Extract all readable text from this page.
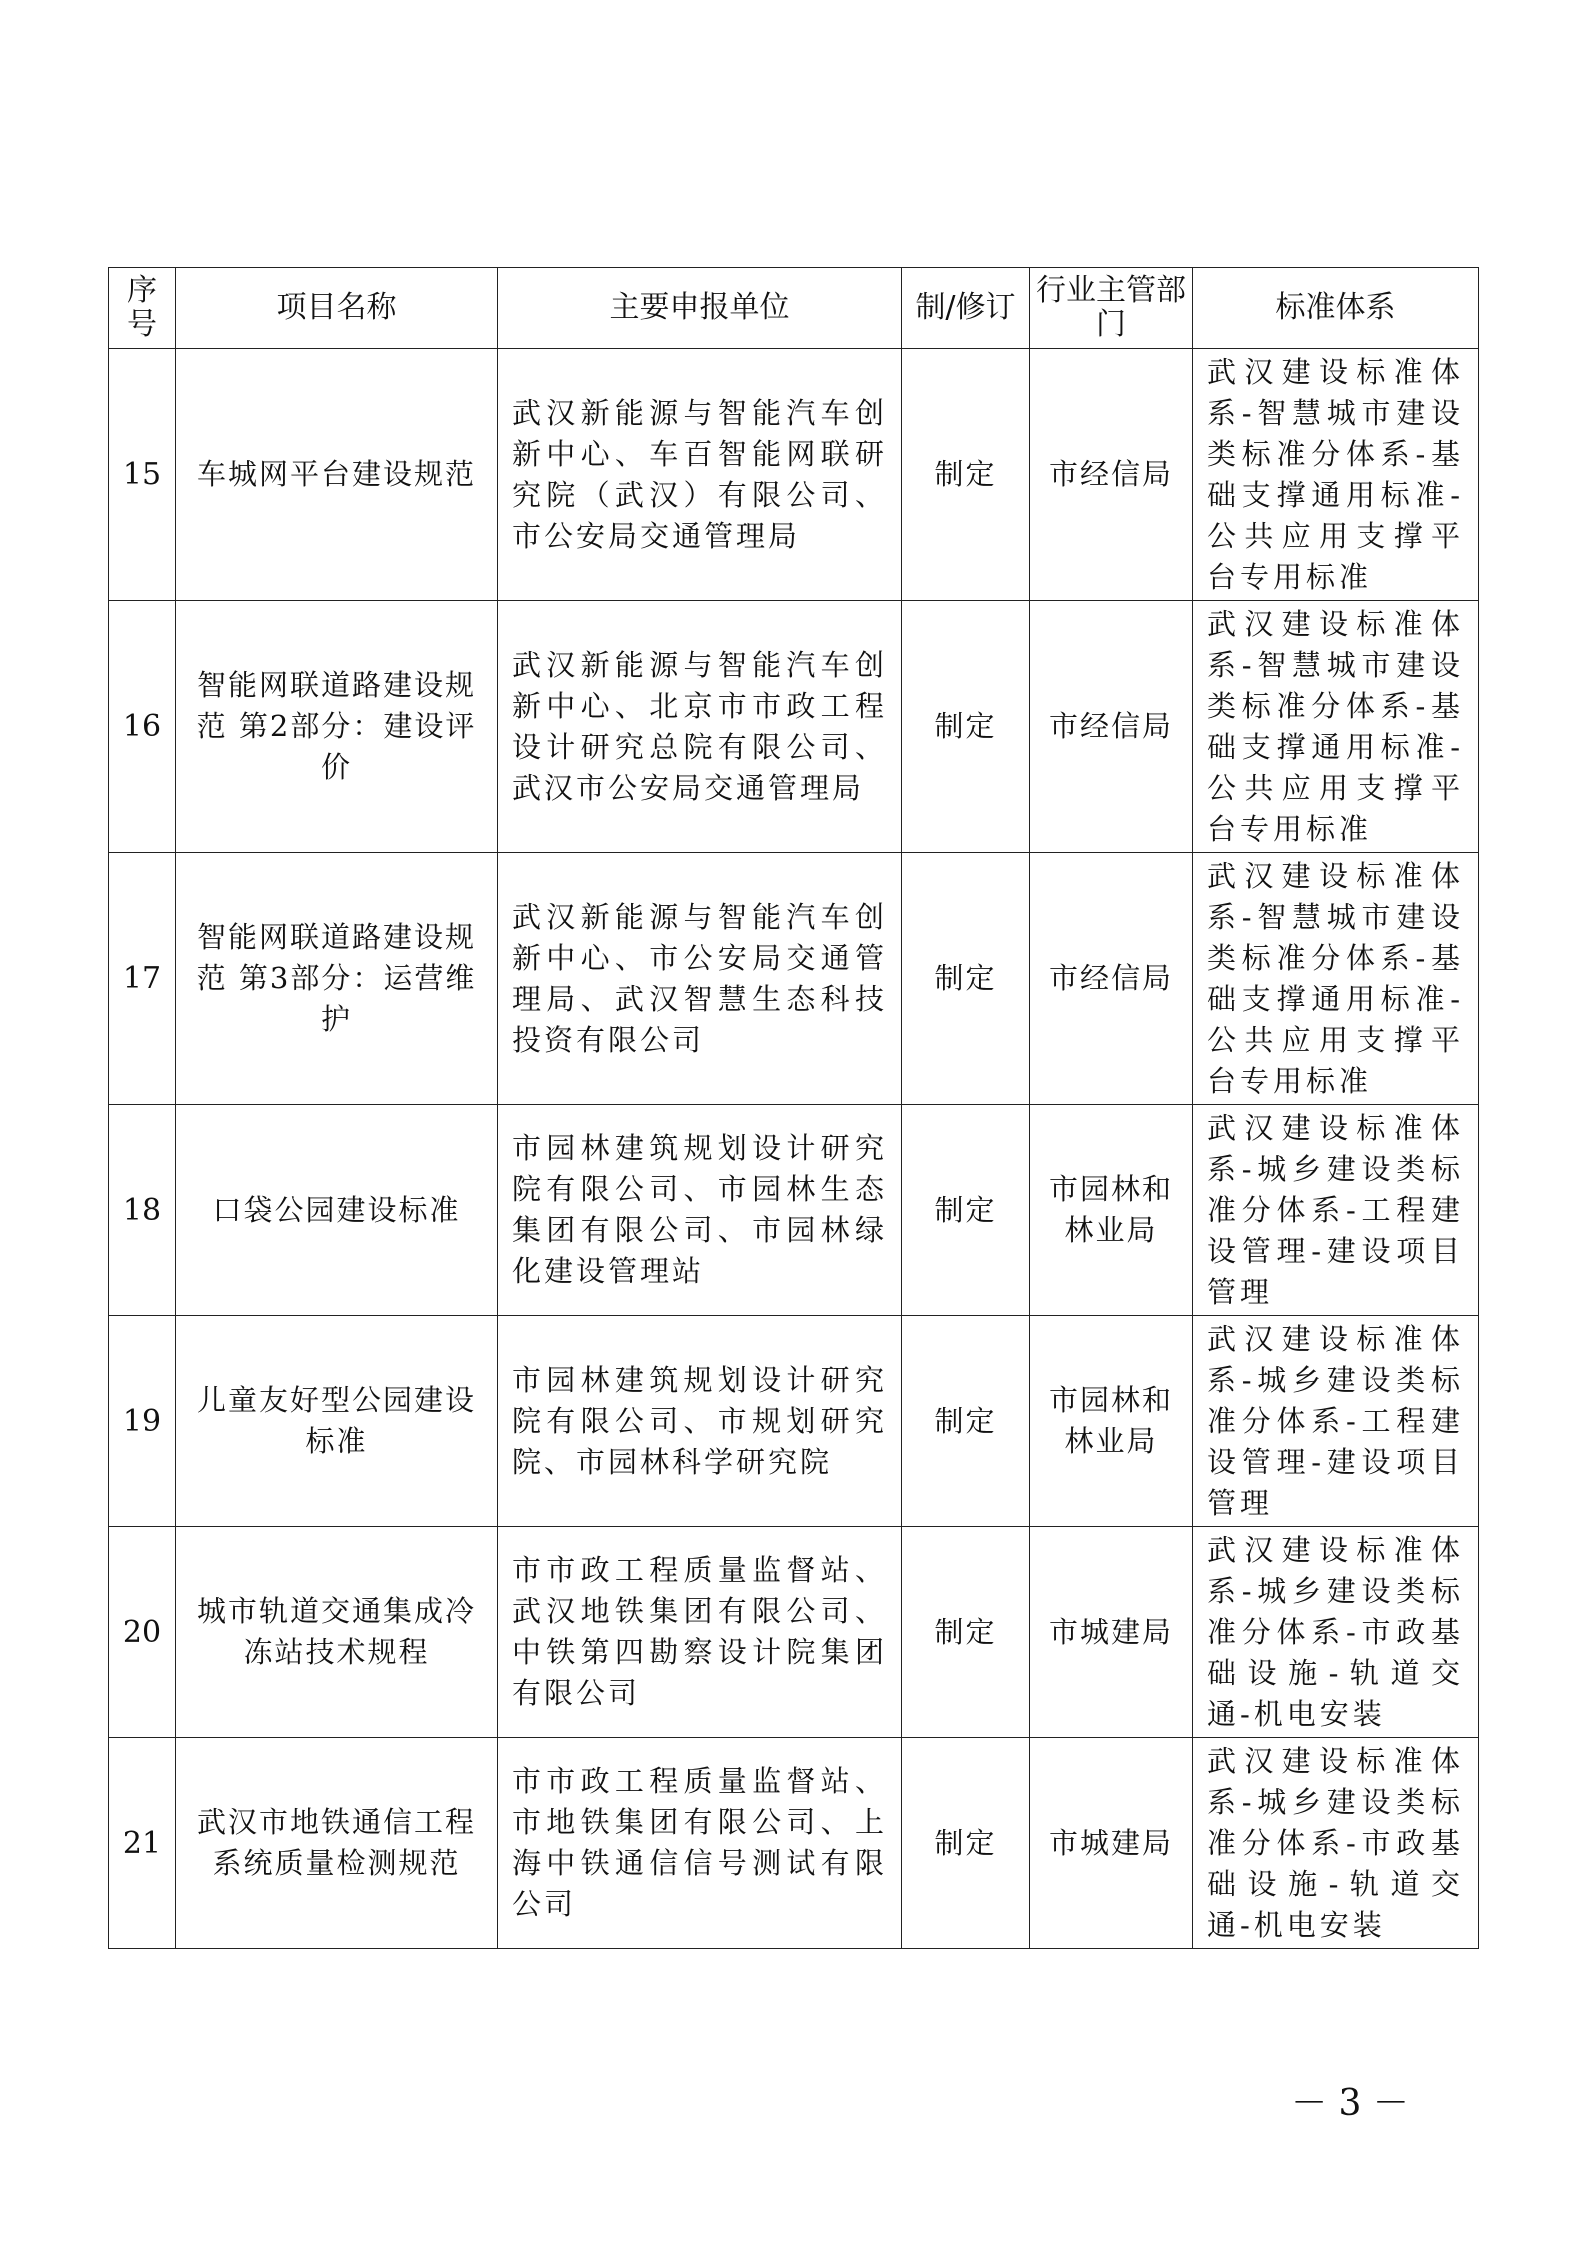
序号	项目名称	主要申报单位	制/修订	行业主管部门	标准体系
15	车城网平台建设规范	武汉新能源与智能汽车创新中心、车百智能网联研究院（武汉）有限公司、市公安局交通管理局	制定	市经信局	武汉建设标准体系-智慧城市建设类标准分体系-基础支撑通用标准-公共应用支撑平台专用标准
16	智能网联道路建设规范 第2部分：建设评价	武汉新能源与智能汽车创新中心、北京市市政工程设计研究总院有限公司、武汉市公安局交通管理局	制定	市经信局	武汉建设标准体系-智慧城市建设类标准分体系-基础支撑通用标准-公共应用支撑平台专用标准
17	智能网联道路建设规范 第3部分：运营维护	武汉新能源与智能汽车创新中心、市公安局交通管理局、武汉智慧生态科技投资有限公司	制定	市经信局	武汉建设标准体系-智慧城市建设类标准分体系-基础支撑通用标准-公共应用支撑平台专用标准
18	口袋公园建设标准	市园林建筑规划设计研究院有限公司、市园林生态集团有限公司、市园林绿化建设管理站	制定	市园林和林业局	武汉建设标准体系-城乡建设类标准分体系-工程建设管理-建设项目管理
19	儿童友好型公园建设标准	市园林建筑规划设计研究院有限公司、市规划研究院、市园林科学研究院	制定	市园林和林业局	武汉建设标准体系-城乡建设类标准分体系-工程建设管理-建设项目管理
20	城市轨道交通集成冷冻站技术规程	市市政工程质量监督站、武汉地铁集团有限公司、中铁第四勘察设计院集团有限公司	制定	市城建局	武汉建设标准体系-城乡建设类标准分体系-市政基础设施-轨道交通-机电安装
21	武汉市地铁通信工程系统质量检测规范	市市政工程质量监督站、市地铁集团有限公司、上海中铁通信信号测试有限公司	制定	市城建局	武汉建设标准体系-城乡建设类标准分体系-市政基础设施-轨道交通-机电安装
－ 3 －
